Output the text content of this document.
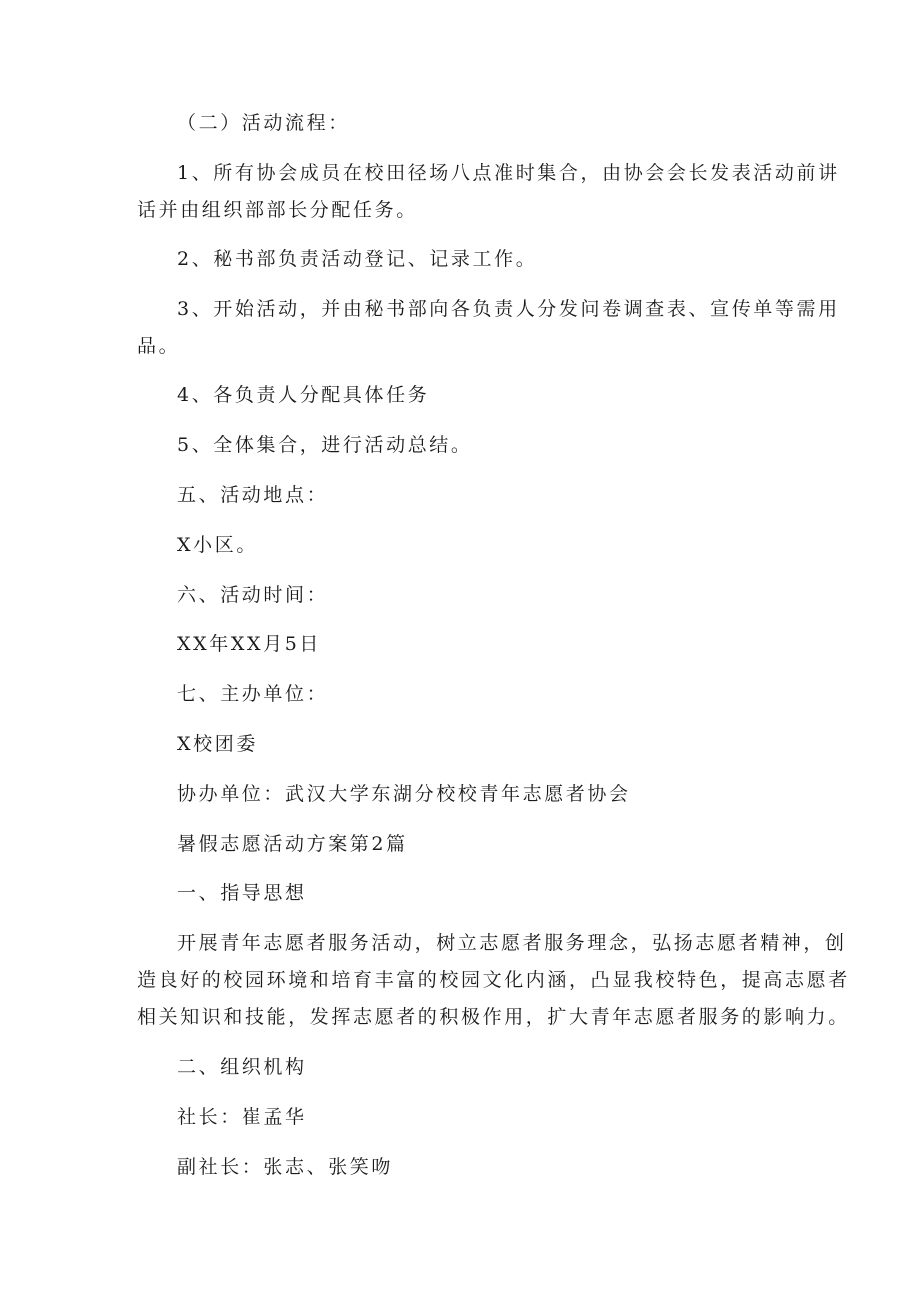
（二）活动流程：
1、所有协会成员在校田径场八点准时集合，由协会会长发表活动前讲
话并由组织部部长分配任务。
2、秘书部负责活动登记、记录工作。
3、开始活动，并由秘书部向各负责人分发问卷调查表、宣传单等需用
品。
4、各负责人分配具体任务
5、全体集合，进行活动总结。
五、活动地点：
X小区。
六、活动时间：
XX年XX月5日
七、主办单位：
X校团委
协办单位：武汉大学东湖分校校青年志愿者协会
暑假志愿活动方案第2篇
一、指导思想
开展青年志愿者服务活动，树立志愿者服务理念，弘扬志愿者精神，创
造良好的校园环境和培育丰富的校园文化内涵，凸显我校特色，提高志愿者
相关知识和技能，发挥志愿者的积极作用，扩大青年志愿者服务的影响力。
二、组织机构
社长：崔孟华
副社长：张志、张笑吻
